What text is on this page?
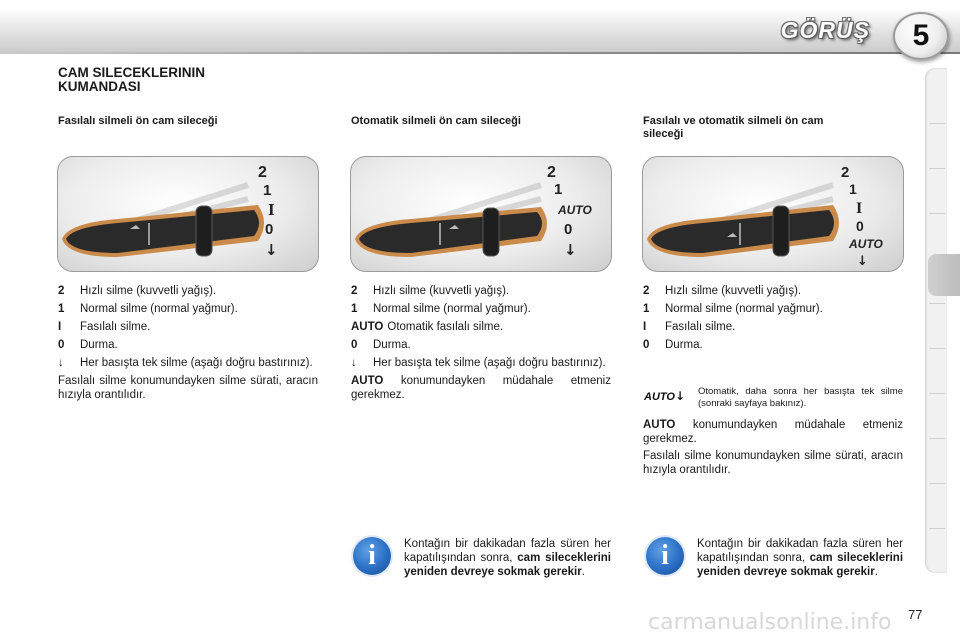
GÖRÜŞ	5
CAM SILECEKLERININ
KUMANDASI
Fasılalı silmeli ön cam sileceği	Otomatik silmeli ön cam sileceği	Fasılalı ve otomatik silmeli ön cam
sileceği
2
1
I
0
↓
2
1
AUTO
0
↓
2
1
I
0
AUTO
↓
2 Hızlı silme (kuvvetli yağış).
1 Normal silme (normal yağmur).
I Fasılalı silme.
0 Durma.
↓	Her basışta tek silme (aşağı doğru bastırınız).
Fasılalı silme konumundayken silme sürati, aracın hızıyla orantılıdır.
2 Hızlı silme (kuvvetli yağış).
1 Normal silme (normal yağmur).
AUTO Otomatik fasılalı silme.
0 Durma.
↓	Her basışta tek silme (aşağı doğru bastırınız).
AUTO konumundayken müdahale etmeniz gerekmez.
i	Kontağın bir dakikadan fazla süren her kapatılışından sonra, cam sileceklerini yeniden devreye sokmak gerekir.
2 Hızlı silme (kuvvetli yağış).
1 Normal silme (normal yağmur).
I Fasılalı silme.
0 Durma.
AUTO↓ Otomatik, daha sonra her basışta tek silme (sonraki sayfaya bakınız).
AUTO konumundayken müdahale etmeniz gerekmez.
Fasılalı silme konumundayken silme sürati, aracın hızıyla orantılıdır.
i	Kontağın bir dakikadan fazla süren her kapatılışından sonra, cam sileceklerini yeniden devreye sokmak gerekir.
carmanualsonline.info 77
